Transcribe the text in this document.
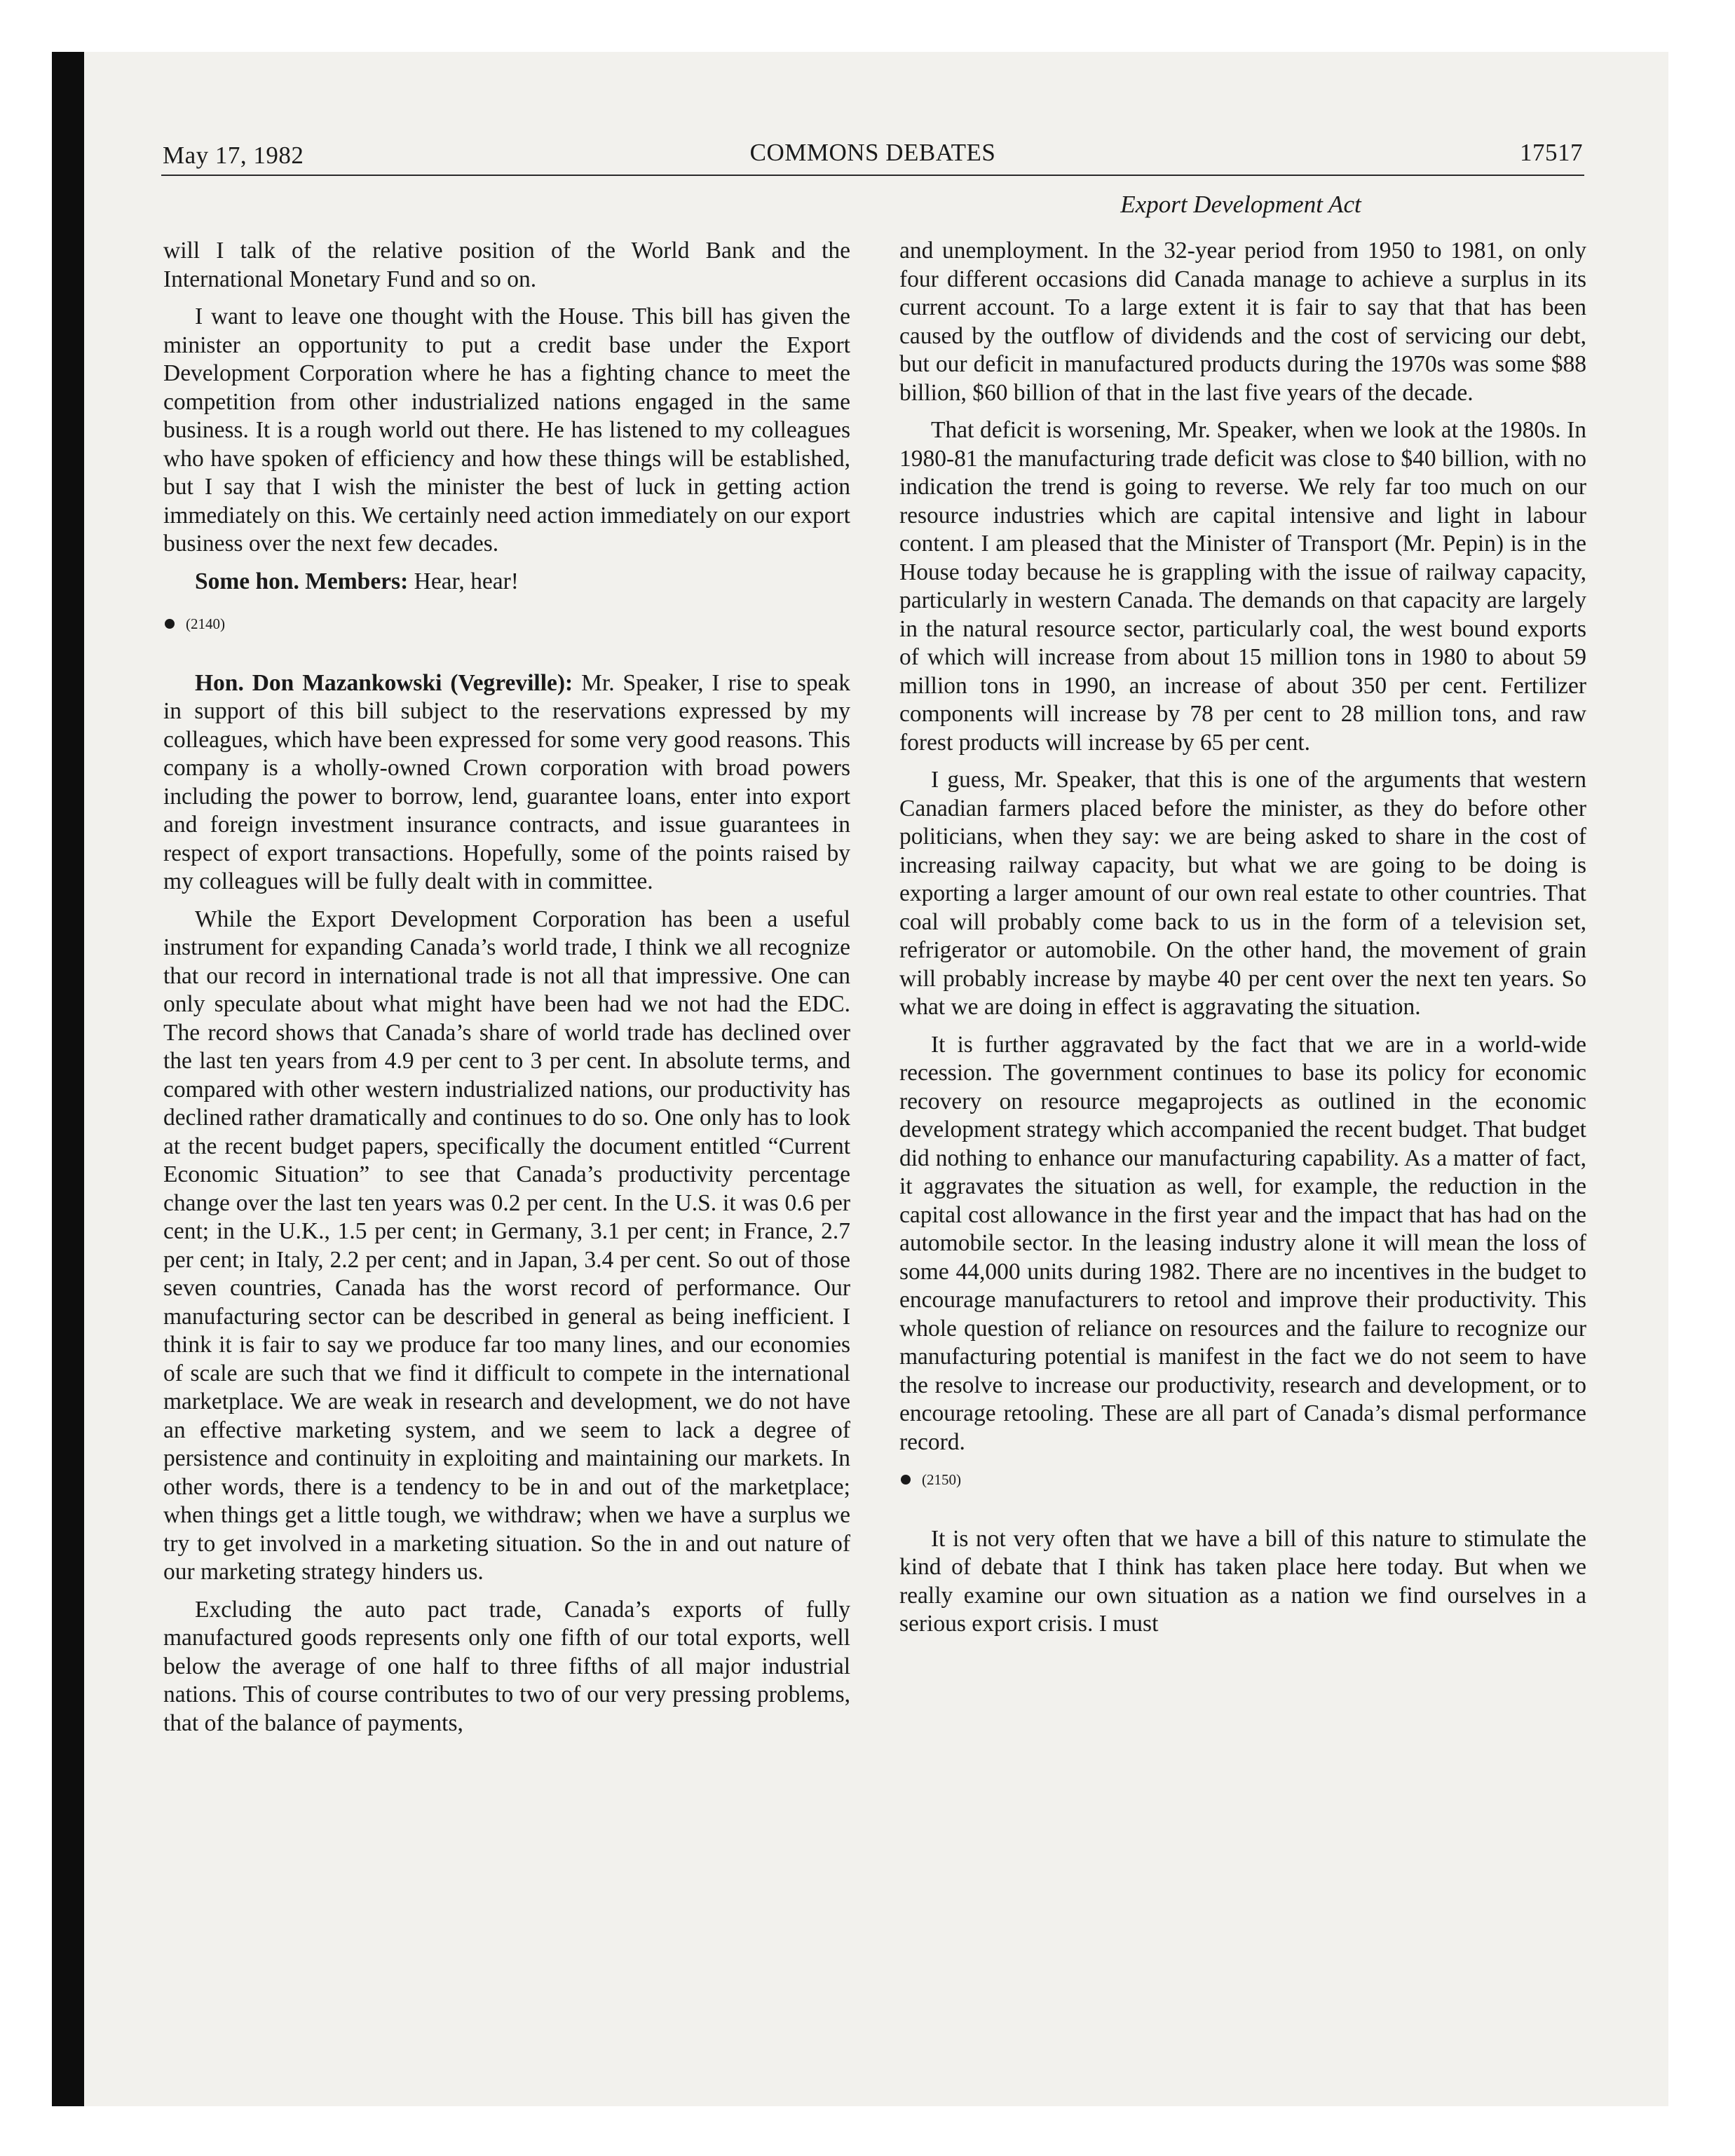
May 17, 1982	COMMONS DEBATES	17517
Export Development Act

will I talk of the relative position of the World Bank and the International Monetary Fund and so on.

I want to leave one thought with the House. This bill has given the minister an opportunity to put a credit base under the Export Development Corporation where he has a fighting chance to meet the competition from other industrialized nations engaged in the same business. It is a rough world out there. He has listened to my colleagues who have spoken of efficiency and how these things will be established, but I say that I wish the minister the best of luck in getting action immediately on this. We certainly need action immediately on our export business over the next few decades.

Some hon. Members: Hear, hear!

(2140)

Hon. Don Mazankowski (Vegreville): Mr. Speaker, I rise to speak in support of this bill subject to the reservations expressed by my colleagues, which have been expressed for some very good reasons. This company is a wholly-owned Crown corporation with broad powers including the power to borrow, lend, guarantee loans, enter into export and foreign investment insurance contracts, and issue guarantees in respect of export transactions. Hopefully, some of the points raised by my colleagues will be fully dealt with in committee.

While the Export Development Corporation has been a useful instrument for expanding Canada’s world trade, I think we all recognize that our record in international trade is not all that impressive. One can only speculate about what might have been had we not had the EDC. The record shows that Canada’s share of world trade has declined over the last ten years from 4.9 per cent to 3 per cent. In absolute terms, and compared with other western industrialized nations, our productivity has declined rather dramatically and continues to do so. One only has to look at the recent budget papers, specifically the document entitled “Current Economic Situation” to see that Canada’s productivity percentage change over the last ten years was 0.2 per cent. In the U.S. it was 0.6 per cent; in the U.K., 1.5 per cent; in Germany, 3.1 per cent; in France, 2.7 per cent; in Italy, 2.2 per cent; and in Japan, 3.4 per cent. So out of those seven countries, Canada has the worst record of performance. Our manufacturing sector can be described in general as being inefficient. I think it is fair to say we produce far too many lines, and our economies of scale are such that we find it difficult to compete in the international marketplace. We are weak in research and development, we do not have an effective marketing system, and we seem to lack a degree of persistence and continuity in exploiting and maintaining our markets. In other words, there is a tendency to be in and out of the marketplace; when things get a little tough, we withdraw; when we have a surplus we try to get involved in a marketing situation. So the in and out nature of our marketing strategy hinders us.

Excluding the auto pact trade, Canada’s exports of fully manufactured goods represents only one fifth of our total exports, well below the average of one half to three fifths of all major industrial nations. This of course contributes to two of our very pressing problems, that of the balance of payments,

and unemployment. In the 32-year period from 1950 to 1981, on only four different occasions did Canada manage to achieve a surplus in its current account. To a large extent it is fair to say that that has been caused by the outflow of dividends and the cost of servicing our debt, but our deficit in manufactured products during the 1970s was some $88 billion, $60 billion of that in the last five years of the decade.

That deficit is worsening, Mr. Speaker, when we look at the 1980s. In 1980-81 the manufacturing trade deficit was close to $40 billion, with no indication the trend is going to reverse. We rely far too much on our resource industries which are capital intensive and light in labour content. I am pleased that the Minister of Transport (Mr. Pepin) is in the House today because he is grappling with the issue of railway capacity, particularly in western Canada. The demands on that capacity are largely in the natural resource sector, particularly coal, the west bound exports of which will increase from about 15 million tons in 1980 to about 59 million tons in 1990, an increase of about 350 per cent. Fertilizer components will increase by 78 per cent to 28 million tons, and raw forest products will increase by 65 per cent.

I guess, Mr. Speaker, that this is one of the arguments that western Canadian farmers placed before the minister, as they do before other politicians, when they say: we are being asked to share in the cost of increasing railway capacity, but what we are going to be doing is exporting a larger amount of our own real estate to other countries. That coal will probably come back to us in the form of a television set, refrigerator or automobile. On the other hand, the movement of grain will probably increase by maybe 40 per cent over the next ten years. So what we are doing in effect is aggravating the situation.

It is further aggravated by the fact that we are in a world-wide recession. The government continues to base its policy for economic recovery on resource megaprojects as outlined in the economic development strategy which accompanied the recent budget. That budget did nothing to enhance our manufacturing capability. As a matter of fact, it aggravates the situation as well, for example, the reduction in the capital cost allowance in the first year and the impact that has had on the automobile sector. In the leasing industry alone it will mean the loss of some 44,000 units during 1982. There are no incentives in the budget to encourage manufacturers to retool and improve their productivity. This whole question of reliance on resources and the failure to recognize our manufacturing potential is manifest in the fact we do not seem to have the resolve to increase our productivity, research and development, or to encourage retooling. These are all part of Canada’s dismal performance record.

(2150)

It is not very often that we have a bill of this nature to stimulate the kind of debate that I think has taken place here today. But when we really examine our own situation as a nation we find ourselves in a serious export crisis. I must
